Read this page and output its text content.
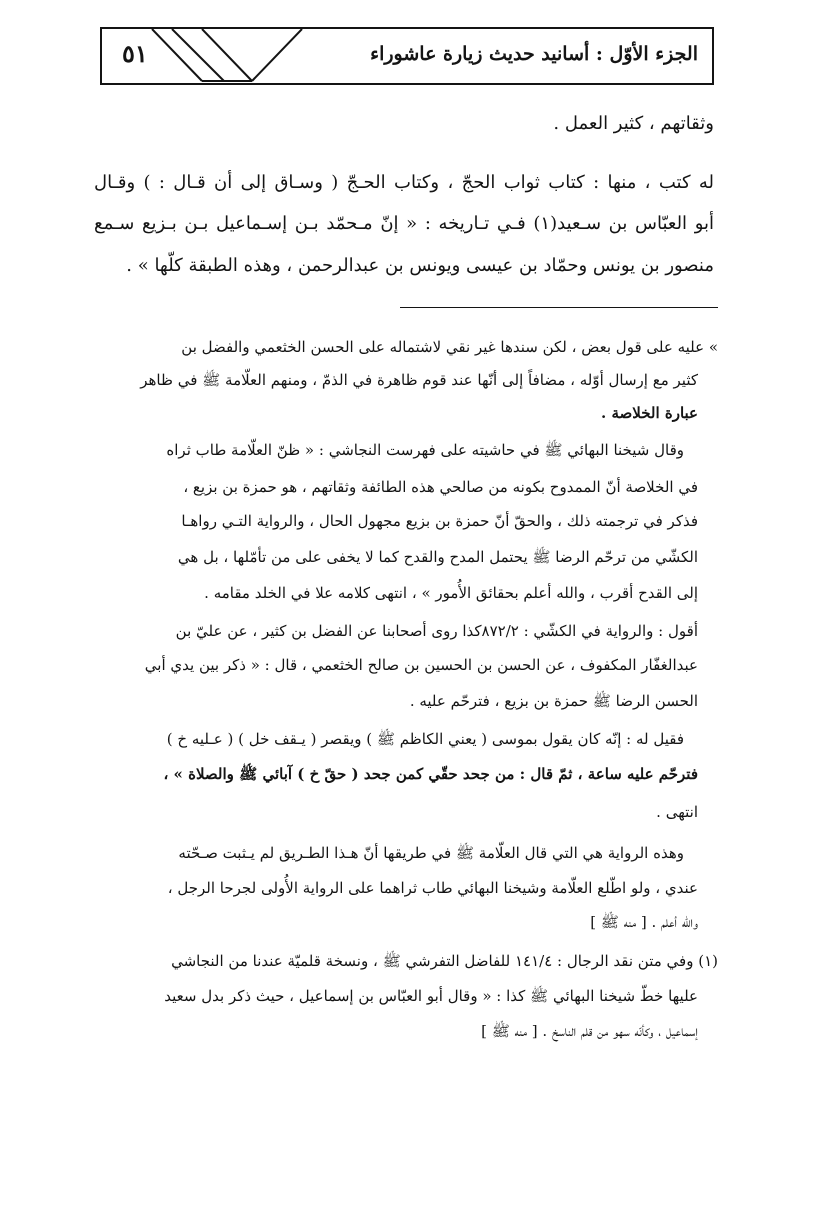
الجزء الأوّل : أسانيد حديث زيارة عاشوراء
٥١
وثقاتهم ، كثير العمل .
له كتب ، منها : كتاب ثواب الحجّ ، وكتاب الحـجّ ( وسـاق إلى أن قـال : ) وقـال
أبو العبّاس بن سـعيد(١) فـي تـاريخه : « إنّ مـحمّد بـن إسـماعيل بـن بـزيع سـمع
منصور بن يونس وحمّاد بن عيسى ويونس بن عبدالرحمن ، وهذه الطبقة كلّها » .
» عليه على قول بعض ، لكن سندها غير نقي لاشتماله على الحسن الخثعمي والفضل بن
كثير مع إرسال أوّله ، مضافاً إلى أنّها عند قوم ظاهرة في الذمّ ، ومنهم العلّامة ﷺ في ظاهر
عبارة الخلاصة .
وقال شيخنا البهائي ﷺ في حاشيته على فهرست النجاشي : « ظنّ العلّامة طاب ثراه
في الخلاصة أنّ الممدوح بكونه من صالحي هذه الطائفة وثقاتهم ، هو حمزة بن بزيع ،
فذكر في ترجمته ذلك ، والحقّ أنّ حمزة بن بزيع مجهول الحال ، والرواية التـي رواهـا
الكشّي من ترحّم الرضا ﷺ يحتمل المدح والقدح كما لا يخفى على من تأمّلها ، بل هي
إلى القدح أقرب ، والله أعلم بحقائق الأُمور » ، انتهى كلامه علا في الخلد مقامه .
أقول : والرواية في الكشّي : ٨٧٢/٢كذا روى أصحابنا عن الفضل بن كثير ، عن عليّ بن
عبدالغفّار المكفوف ، عن الحسن بن الحسين بن صالح الخثعمي ، قال : « ذكر بين يدي أبي
الحسن الرضا ﷺ حمزة بن بزيع ، فترحّم عليه .
فقيل له : إنّه كان يقول بموسى ( يعني الكاظم ﷺ ) ويقصر ( يـقف خل ) ( عـليه خ )
فترحّم عليه ساعة ، ثمّ قال : من جحد حقّي كمن جحد ( حقّ خ ) آبائي ﷺ والصلاة » ،
انتهى .
وهذه الرواية هي التي قال العلّامة ﷺ في طريقها أنّ هـذا الطـريق لم يـثبت صـحّته
عندي ، ولو اطّلع العلّامة وشيخنا البهائي طاب ثراهما على الرواية الأُولى لجرحا الرجل ،
والله أعلم . [ منه ﷺ ]
(١) وفي متن نقد الرجال : ١٤١/٤ للفاضل التفرشي ﷺ ، ونسخة قلميّة عندنا من النجاشي
عليها خطّ شيخنا البهائي ﷺ كذا : « وقال أبو العبّاس بن إسماعيل ، حيث ذكر بدل سعيد
إسماعيل ، وكأنّه سهو من قلم الناسخ . [ منه ﷺ ]
